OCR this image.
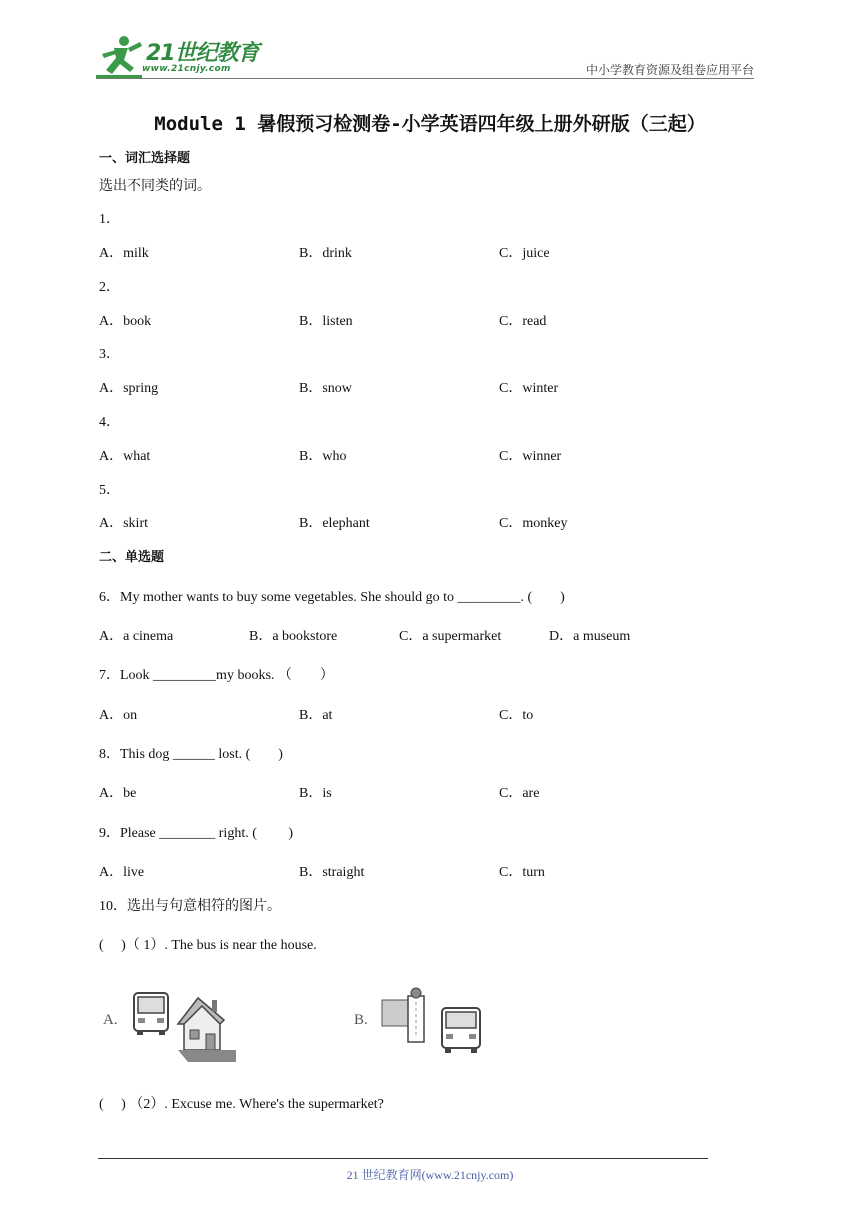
21世纪教育
www.21cnjy.com	中小学教育资源及组卷应用平台
Module 1 暑假预习检测卷-小学英语四年级上册外研版（三起）
一、词汇选择题
选出不同类的词。
1．
A．milk	B．drink	C．juice
2．
A．book	B．listen	C．read
3．
A．spring	B．snow	C．winter
4．
A．what	B．who	C．winner
5．
A．skirt	B．elephant	C．monkey
二、单选题
6．My mother wants to buy some vegetables. She should go to _________. (　　)
A．a cinema	B．a bookstore	C．a supermarket	D．a museum
7．Look _________my books. （　　）
A．on	B．at	C．to
8．This dog ______ lost. (　　)
A．be	B．is	C．are
9．Please ________ right. (　　 )
A．live	B．straight	C．turn
10．选出与句意相符的图片。
(　 )（ 1）. The bus is near the house.
A.	B.
(　 ) （2）. Excuse me. Where's the supermarket?
21 世纪教育网(www.21cnjy.com)
